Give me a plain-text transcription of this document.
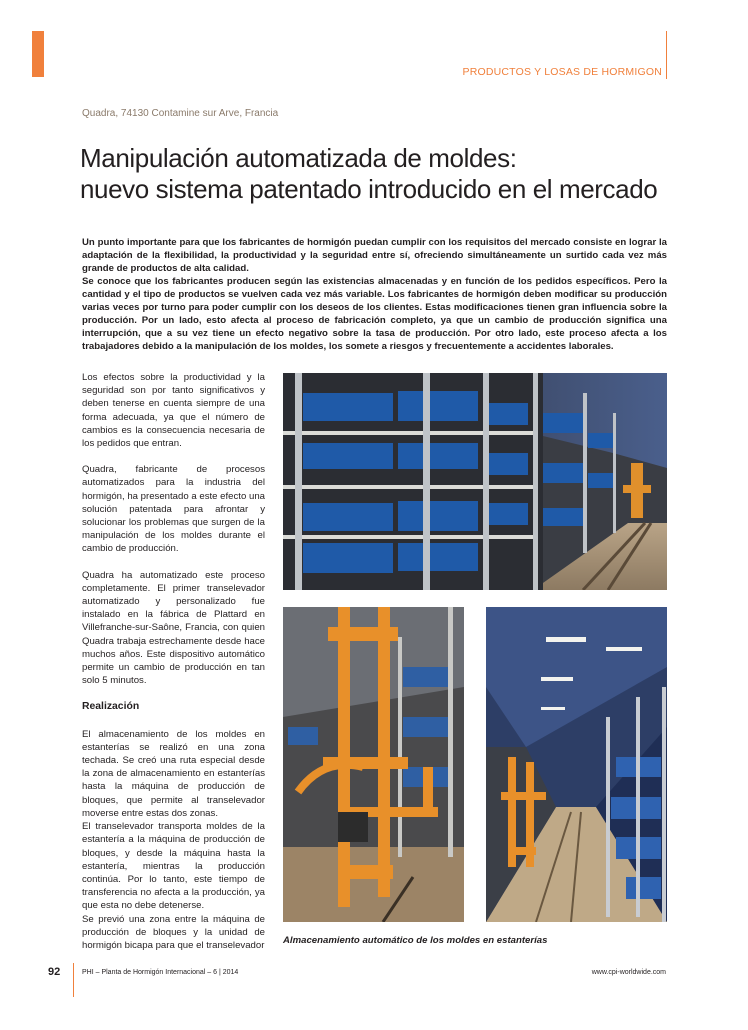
PRODUCTOS Y LOSAS DE HORMIGON
Quadra, 74130 Contamine sur Arve, Francia
Manipulación automatizada de moldes:
nuevo sistema patentado introducido en el mercado

Un punto importante para que los fabricantes de hormigón puedan cumplir con los requisitos del mercado consiste en lograr la adaptación de la flexibilidad, la productividad y la seguridad entre sí, ofreciendo simultáneamente un surtido cada vez más grande de productos de alta calidad.

Se conoce que los fabricantes producen según las existencias almacenadas y en función de los pedidos específicos. Pero la cantidad y el tipo de productos se vuelven cada vez más variable. Los fabricantes de hormigón deben modificar su producción varias veces por turno para poder cumplir con los deseos de los clientes. Estas modificaciones tienen gran influencia sobre la producción. Por un lado, esto afecta al proceso de fabricación completo, ya que un cambio de producción significa una interrupción, que a su vez tiene un efecto negativo sobre la tasa de producción. Por otro lado, este proceso afecta a los trabajadores debido a la manipulación de los moldes, los somete a riesgos y frecuentemente a accidentes laborales.

Los efectos sobre la productividad y la seguridad son por tanto significativos y deben tenerse en cuenta siempre de una forma adecuada, ya que el número de cambios es la consecuencia necesaria de los pedidos que entran.

Quadra, fabricante de procesos automatizados para la industria del hormigón, ha presentado a este efecto una solución patentada para afrontar y solucionar los problemas que surgen de la manipulación de los moldes durante el cambio de producción.

Quadra ha automatizado este proceso completamente. El primer transelevador automatizado y personalizado fue instalado en la fábrica de Plattard en Villefranche-sur-Saône, Francia, con quien Quadra trabaja estrechamente desde hace muchos años. Este dispositivo automático permite un cambio de producción en tan solo 5 minutos.

Realización

El almacenamiento de los moldes en estanterías se realizó en una zona techada. Se creó una ruta especial desde la zona de almacenamiento en estanterías hasta la máquina de producción de bloques, que permite al transelevador moverse entre estas dos zonas.

El transelevador transporta moldes de la estantería a la máquina de producción de bloques, y desde la máquina hasta la estantería, mientras la producción continúa. Por lo tanto, este tiempo de transferencia no afecta a la producción, ya que esta no debe detenerse.

Se previó una zona entre la máquina de producción de bloques y la unidad de hormigón bicapa para que el transelevador Almacenamiento automático de los moldes en estanterías
92	PHI – Planta de Hormigón Internacional – 6 | 2014	www.cpi-worldwide.com
